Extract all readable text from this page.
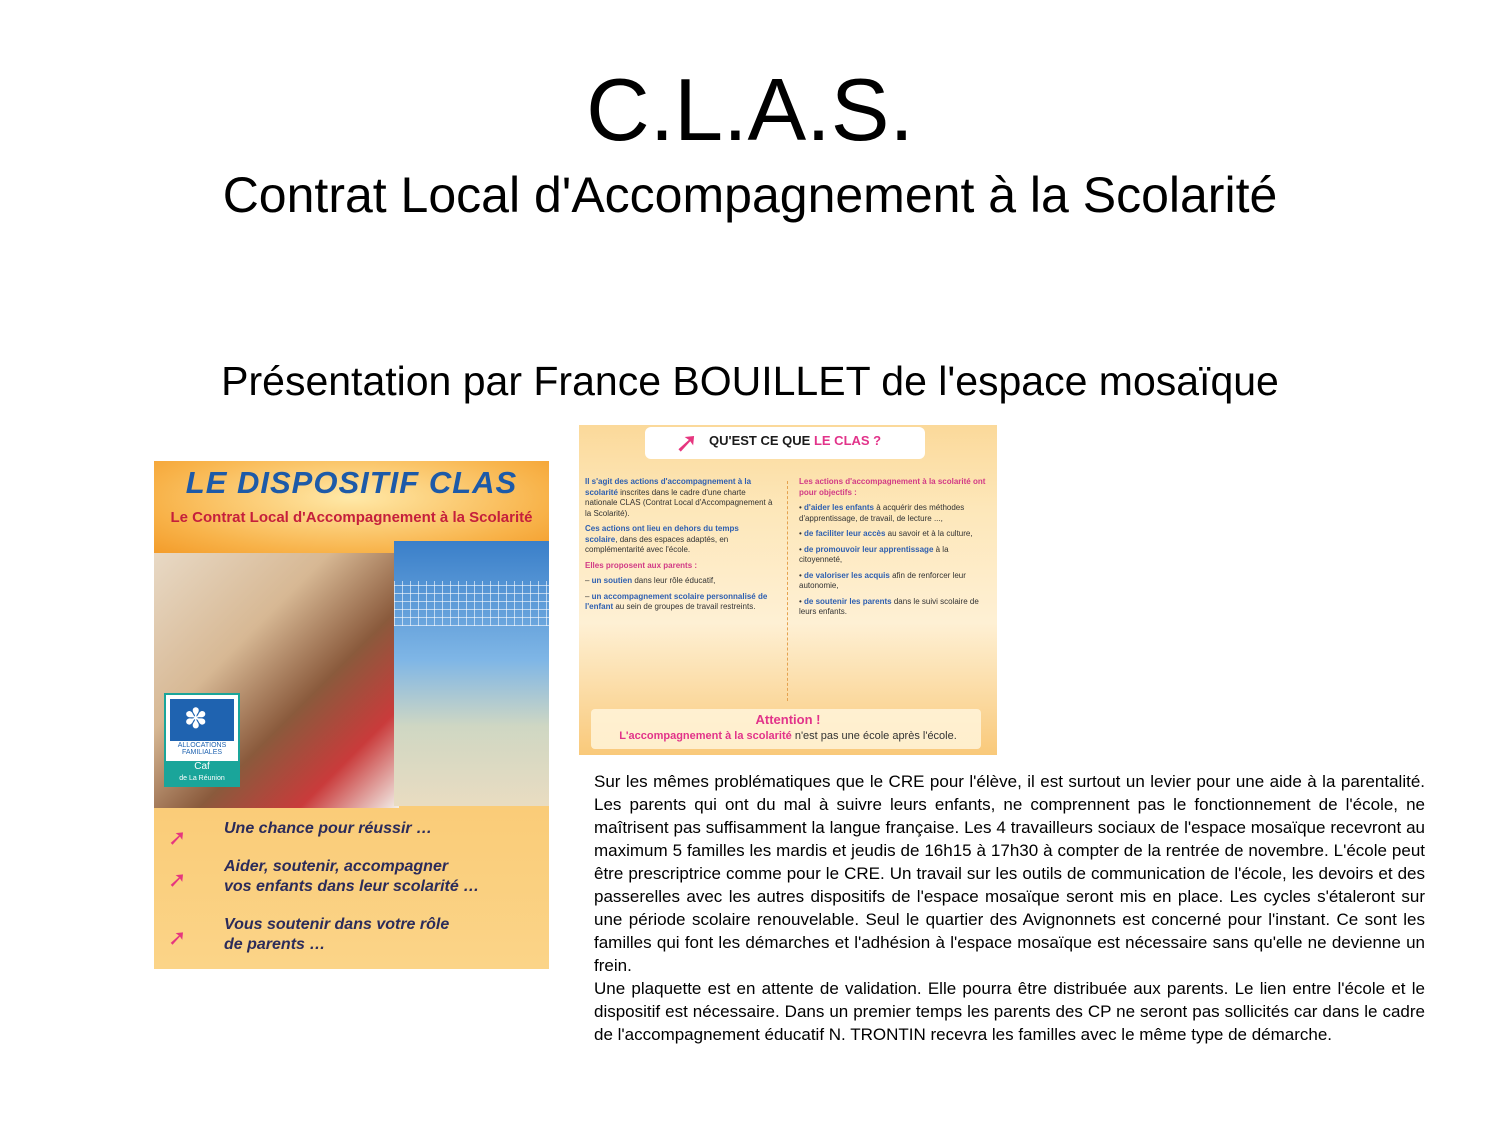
C.L.A.S.
Contrat Local d'Accompagnement à la Scolarité
Présentation par France BOUILLET de l'espace mosaïque
LE DISPOSITIF CLAS
Le Contrat Local d'Accompagnement à la Scolarité
✽
ALLOCATIONS FAMILIALES
Caf
de La Réunion
➚	Une chance pour réussir …
➚
Aider, soutenir, accompagner
vos enfants dans leur scolarité …
➚
Vous soutenir dans votre rôle
de parents …
➚ QU'EST CE QUE LE CLAS ?

Il s'agit des actions d'accompagnement à la scolarité inscrites dans le cadre d'une charte nationale CLAS (Contrat Local d'Accompagnement à la Scolarité).

Ces actions ont lieu en dehors du temps scolaire, dans des espaces adaptés, en complémentarité avec l'école.

Elles proposent aux parents :

– un soutien dans leur rôle éducatif,

– un accompagnement scolaire personnalisé de l'enfant au sein de groupes de travail restreints.

Les actions d'accompagnement à la scolarité ont pour objectifs :

• d'aider les enfants à acquérir des méthodes d'apprentissage, de travail, de lecture ...,

• de faciliter leur accès au savoir et à la culture,

• de promouvoir leur apprentissage à la citoyenneté,

• de valoriser les acquis afin de renforcer leur autonomie,

• de soutenir les parents dans le suivi scolaire de leurs enfants.

Attention !
L'accompagnement à la scolarité n'est pas une école après l'école.

Sur les mêmes problématiques que le CRE pour l'élève, il est surtout un levier pour une aide à la parentalité. Les parents qui ont du mal à suivre leurs enfants, ne comprennent pas le fonctionnement de l'école, ne maîtrisent pas suffisamment la langue française. Les 4 travailleurs sociaux de l'espace mosaïque recevront au maximum 5 familles les mardis et jeudis de 16h15 à 17h30 à compter de la rentrée de novembre. L'école peut être prescriptrice comme pour le CRE. Un travail sur les outils de communication de l'école, les devoirs et des passerelles avec les autres dispositifs de l'espace mosaïque seront mis en place. Les cycles s'étaleront sur une période scolaire renouvelable. Seul le quartier des Avignonnets est concerné pour l'instant. Ce sont les familles qui font les démarches et l'adhésion à l'espace mosaïque est nécessaire sans qu'elle ne devienne un frein.

Une plaquette est en attente de validation. Elle pourra être distribuée aux parents. Le lien entre l'école et le dispositif est nécessaire. Dans un premier temps les parents des CP ne seront pas sollicités car dans le cadre de l'accompagnement éducatif N. TRONTIN recevra les familles avec le même type de démarche.
